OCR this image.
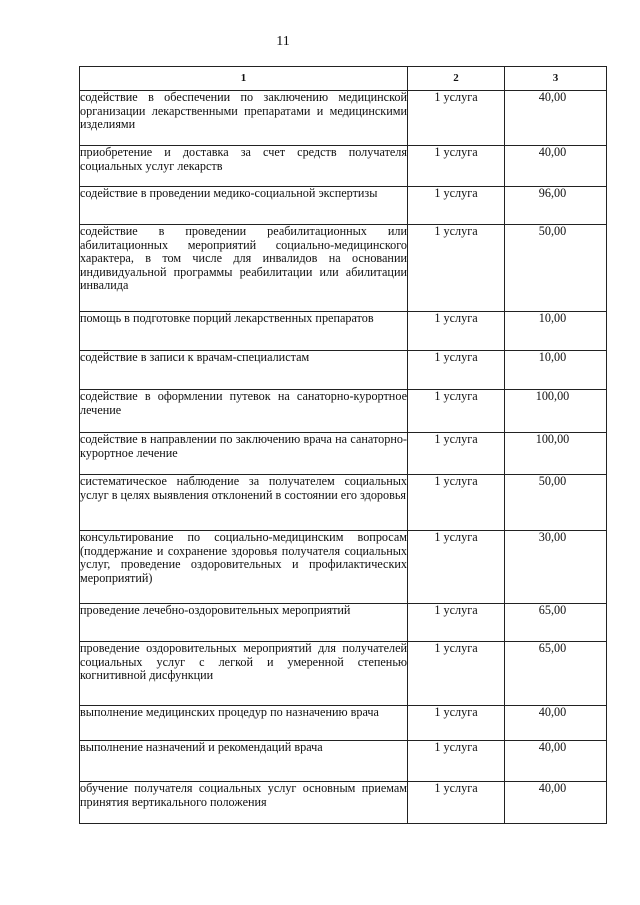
11
1	2	3
содействие в обеспечении по заключению медицинской организации лекарственными препаратами и медицинскими изделиями	1 услуга	40,00
приобретение и доставка за счет средств получателя социальных услуг лекарств	1 услуга	40,00
содействие в проведении медико-социальной экспертизы	1 услуга	96,00
содействие в проведении реабилитационных или абилитационных мероприятий социально-медицинского характера, в том числе для инвалидов на основании индивидуальной программы реабилитации или абилитации инвалида	1 услуга	50,00
помощь в подготовке порций лекарственных препаратов	1 услуга	10,00
содействие в записи к врачам-специалистам	1 услуга	10,00
содействие в оформлении путевок на санаторно-курортное лечение	1 услуга	100,00
содействие в направлении по заключению врача на санаторно-курортное лечение	1 услуга	100,00
систематическое наблюдение за получателем социальных услуг в целях выявления отклонений в состоянии его здоровья	1 услуга	50,00
консультирование по социально-медицинским вопросам (поддержание и сохранение здоровья получателя социальных услуг, проведение оздоровительных и профилактических мероприятий)	1 услуга	30,00
проведение лечебно-оздоровительных мероприятий	1 услуга	65,00
проведение оздоровительных мероприятий для получателей социальных услуг с легкой и умеренной степенью когнитивной дисфункции	1 услуга	65,00
выполнение медицинских процедур по назначению врача	1 услуга	40,00
выполнение назначений и рекомендаций врача	1 услуга	40,00
обучение получателя социальных услуг основным приемам принятия вертикального положения	1 услуга	40,00
